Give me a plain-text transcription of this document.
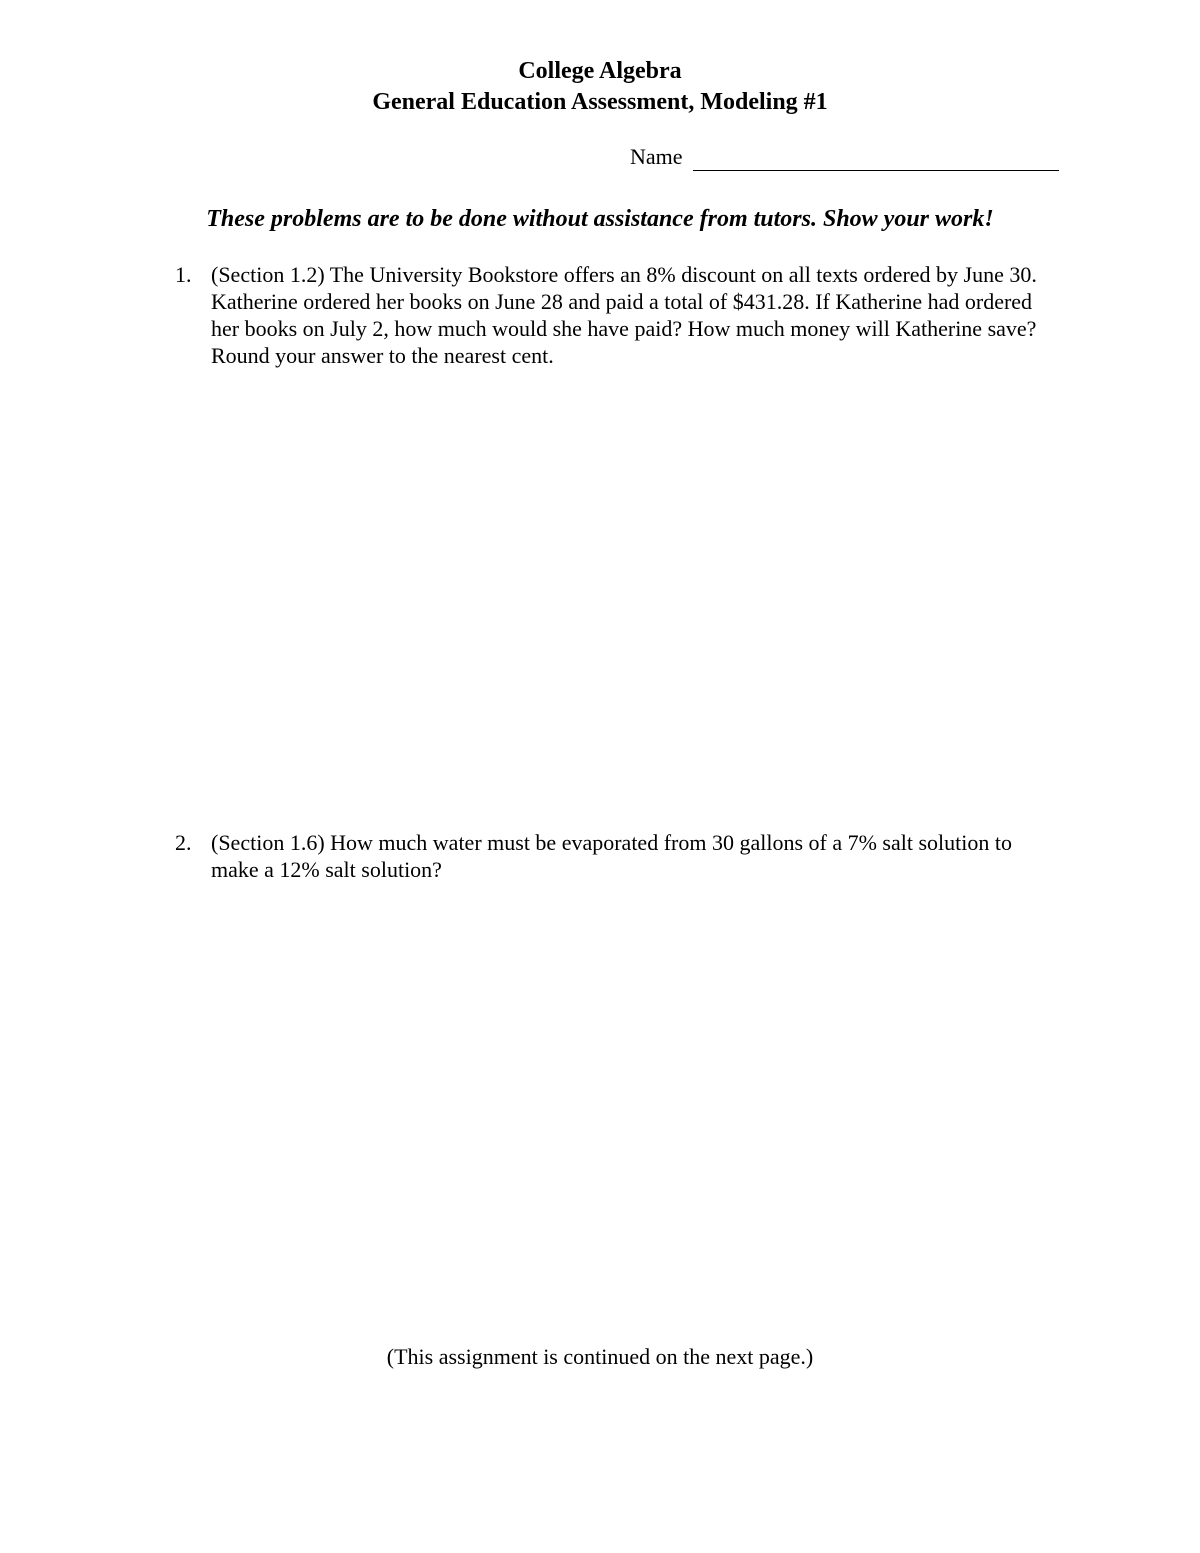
College Algebra
General Education Assessment, Modeling #1
Name
These problems are to be done without assistance from tutors. Show your work!
1. (Section 1.2) The University Bookstore offers an 8% discount on all texts ordered by June 30. Katherine ordered her books on June 28 and paid a total of $431.28. If Katherine had ordered her books on July 2, how much would she have paid? How much money will Katherine save? Round your answer to the nearest cent.
2. (Section 1.6) How much water must be evaporated from 30 gallons of a 7% salt solution to make a 12% salt solution?
(This assignment is continued on the next page.)
